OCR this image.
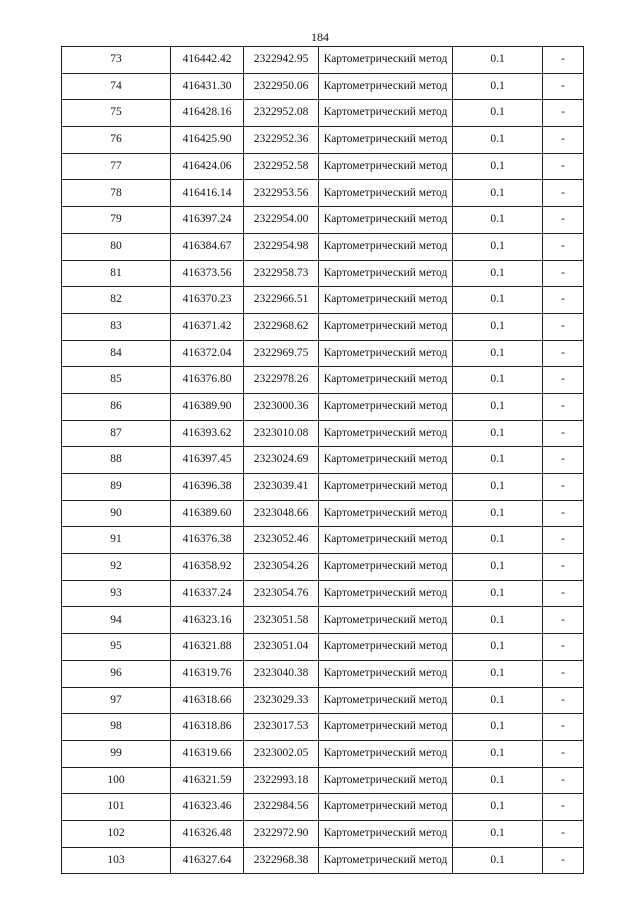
184
73	416442.42	2322942.95	Картометрический метод	0.1	-
74	416431.30	2322950.06	Картометрический метод	0.1	-
75	416428.16	2322952.08	Картометрический метод	0.1	-
76	416425.90	2322952.36	Картометрический метод	0.1	-
77	416424.06	2322952.58	Картометрический метод	0.1	-
78	416416.14	2322953.56	Картометрический метод	0.1	-
79	416397.24	2322954.00	Картометрический метод	0.1	-
80	416384.67	2322954.98	Картометрический метод	0.1	-
81	416373.56	2322958.73	Картометрический метод	0.1	-
82	416370.23	2322966.51	Картометрический метод	0.1	-
83	416371.42	2322968.62	Картометрический метод	0.1	-
84	416372.04	2322969.75	Картометрический метод	0.1	-
85	416376.80	2322978.26	Картометрический метод	0.1	-
86	416389.90	2323000.36	Картометрический метод	0.1	-
87	416393.62	2323010.08	Картометрический метод	0.1	-
88	416397.45	2323024.69	Картометрический метод	0.1	-
89	416396.38	2323039.41	Картометрический метод	0.1	-
90	416389.60	2323048.66	Картометрический метод	0.1	-
91	416376.38	2323052.46	Картометрический метод	0.1	-
92	416358.92	2323054.26	Картометрический метод	0.1	-
93	416337.24	2323054.76	Картометрический метод	0.1	-
94	416323.16	2323051.58	Картометрический метод	0.1	-
95	416321.88	2323051.04	Картометрический метод	0.1	-
96	416319.76	2323040.38	Картометрический метод	0.1	-
97	416318.66	2323029.33	Картометрический метод	0.1	-
98	416318.86	2323017.53	Картометрический метод	0.1	-
99	416319.66	2323002.05	Картометрический метод	0.1	-
100	416321.59	2322993.18	Картометрический метод	0.1	-
101	416323.46	2322984.56	Картометрический метод	0.1	-
102	416326.48	2322972.90	Картометрический метод	0.1	-
103	416327.64	2322968.38	Картометрический метод	0.1	-
